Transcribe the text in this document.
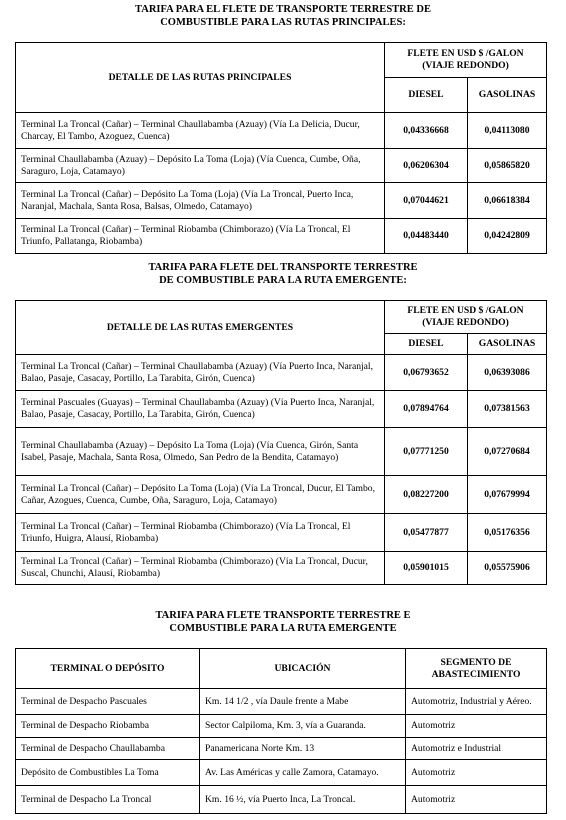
TARIFA PARA EL FLETE DE TRANSPORTE TERRESTRE DE
COMBUSTIBLE PARA LAS RUTAS PRINCIPALES:
DETALLE DE LAS RUTAS PRINCIPALES	FLETE EN USD $ /GALON
(VIAJE REDONDO)	
	DIESEL	GASOLINAS
Terminal La Troncal (Cañar) – Terminal Chaullabamba (Azuay) (Vía La Delicia, Ducur, Charcay, El Tambo, Azoguez, Cuenca)	0,04336668	0,04113080
Terminal Chaullabamba (Azuay) – Depósito La Toma (Loja) (Vía Cuenca, Cumbe, Oña, Saraguro, Loja, Catamayo)	0,06206304	0,05865820
Terminal La Troncal (Cañar) – Depósito La Toma (Loja) (Vía La Troncal, Puerto Inca, Naranjal, Machala, Santa Rosa, Balsas, Olmedo, Catamayo)	0,07044621	0,06618384
Terminal La Troncal (Cañar) – Terminal Riobamba (Chimborazo) (Vía La Troncal, El Triunfo, Pallatanga, Riobamba)	0,04483440	0,04242809
TARIFA PARA FLETE DEL TRANSPORTE TERRESTRE
DE COMBUSTIBLE PARA LA RUTA EMERGENTE:
DETALLE DE LAS RUTAS EMERGENTES	FLETE EN USD $ /GALON
(VIAJE REDONDO)	
	DIESEL	GASOLINAS
Terminal La Troncal (Cañar) – Terminal Chaullabamba (Azuay) (Vía Puerto Inca, Naranjal, Balao, Pasaje, Casacay, Portillo, La Tarabita, Girón, Cuenca)	0,06793652	0,06393086
Terminal Pascuales (Guayas) – Terminal Chaullabamba (Azuay) (Vía Puerto Inca, Naranjal, Balao, Pasaje, Casacay, Portillo, La Tarabita, Girón, Cuenca)	0,07894764	0,07381563
Terminal Chaullabamba (Azuay) – Depósito La Toma (Loja) (Vía Cuenca, Girón, Santa Isabel, Pasaje, Machala, Santa Rosa, Olmedo, San Pedro de la Bendita, Catamayo)	0,07771250	0,07270684
Terminal La Troncal (Cañar) – Depósito La Toma (Loja) (Vía La Troncal, Ducur, El Tambo, Cañar, Azogues, Cuenca, Cumbe, Oña, Saraguro, Loja, Catamayo)	0,08227200	0,07679994
Terminal La Troncal (Cañar) – Terminal Riobamba (Chimborazo) (Vía La Troncal, El Triunfo, Huigra, Alausí, Riobamba)	0,05477877	0,05176356
Terminal La Troncal (Cañar) – Terminal Riobamba (Chimborazo) (Vía La Troncal, Ducur, Suscal, Chunchi, Alausí, Riobamba)	0,05901015	0,05575906
TARIFA PARA FLETE TRANSPORTE TERRESTRE E
COMBUSTIBLE PARA LA RUTA EMERGENTE
TERMINAL O DEPÓSITO	UBICACIÓN	SEGMENTO DE ABASTECIMIENTO
Terminal de Despacho Pascuales	Km. 14 1/2 , vía Daule frente a Mabe	Automotriz, Industrial y Aéreo.
Terminal de Despacho Riobamba	Sector Calpiloma, Km. 3, vía a Guaranda.	Automotriz
Terminal de Despacho Chaullabamba	Panamericana Norte Km. 13	Automotriz e Industrial
Depósito de Combustibles La Toma	Av. Las Américas y calle Zamora, Catamayo.	Automotriz
Terminal de Despacho La Troncal	Km. 16 ½, vía Puerto Inca, La Troncal.	Automotriz
